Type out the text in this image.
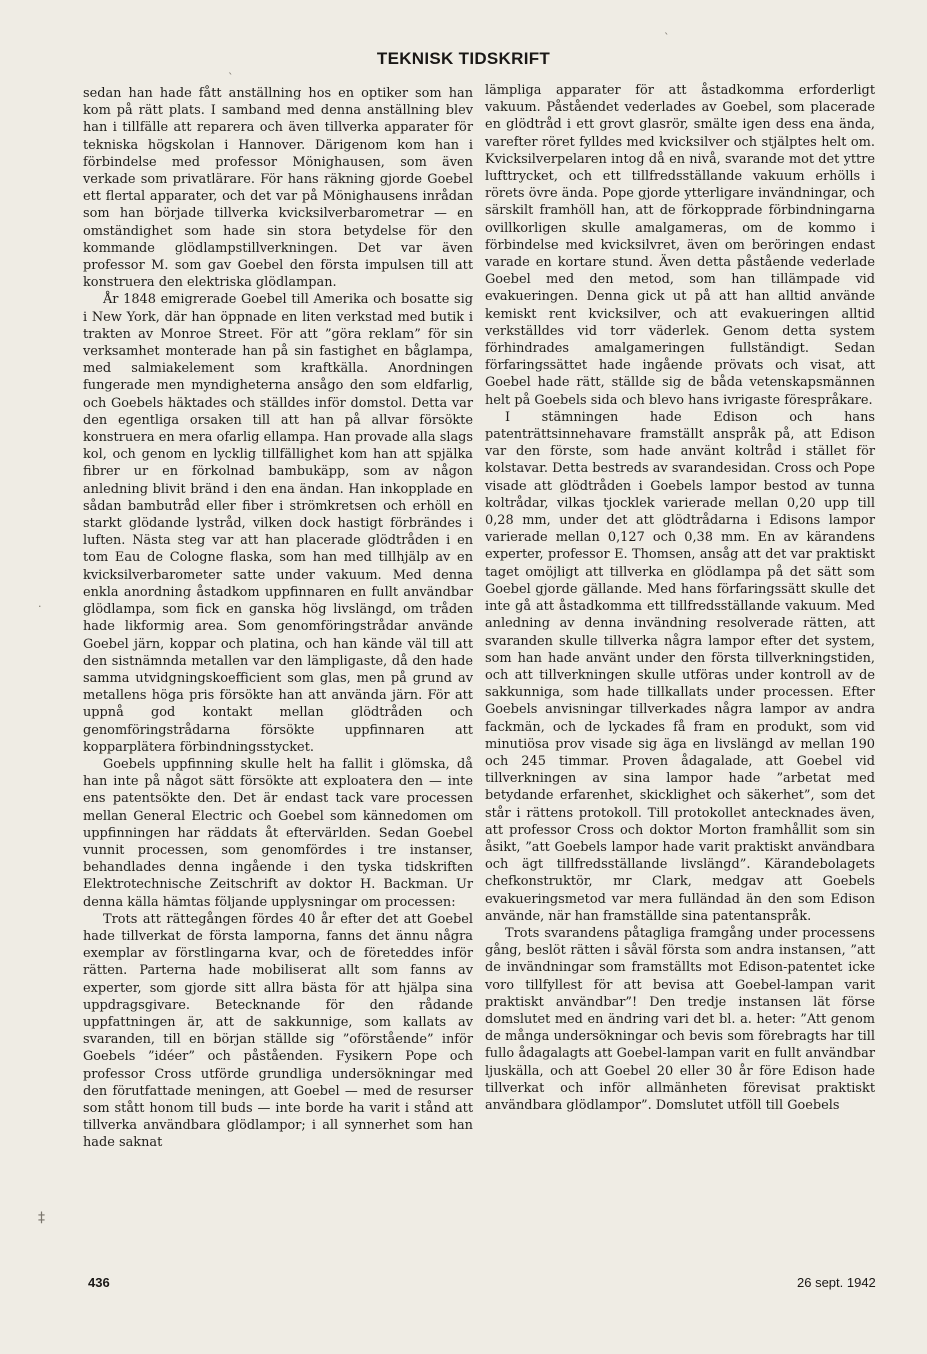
TEKNISK TIDSKRIFT
ˎ
ˎ
·
‡

sedan han hade fått anställning hos en optiker som han kom på rätt plats. I samband med denna anställning blev han i tillfälle att reparera och även tillverka apparater för tekniska högskolan i Hannover. Därigenom kom han i förbindelse med professor Mönighausen, som även verkade som privatlärare. För hans räkning gjorde Goebel ett flertal apparater, och det var på Mönighausens inrådan som han började tillverka kvicksilverbarometrar — en omständighet som hade sin stora betydelse för den kommande glödlampstillverkningen. Det var även professor M. som gav Goebel den första impulsen till att konstruera den elektriska glödlampan.

År 1848 emigrerade Goebel till Amerika och bosatte sig i New York, där han öppnade en liten verkstad med butik i trakten av Monroe Street. För att ”göra reklam” för sin verksamhet monterade han på sin fastighet en båglampa, med salmiakelement som kraftkälla. Anordningen fungerade men myndigheterna ansågo den som eldfarlig, och Goebels häktades och ställdes inför domstol. Detta var den egentliga orsaken till att han på allvar försökte konstruera en mera ofarlig ellampa. Han provade alla slags kol, och genom en lycklig tillfällighet kom han att spjälka fibrer ur en förkolnad bambukäpp, som av någon anledning blivit bränd i den ena ändan. Han inkopplade en sådan bambutråd eller fiber i strömkretsen och erhöll en starkt glödande lystråd, vilken dock hastigt förbrändes i luften. Nästa steg var att han placerade glödtråden i en tom Eau de Cologne flaska, som han med tillhjälp av en kvicksilverbarometer satte under vakuum. Med denna enkla anordning åstadkom uppfinnaren en fullt användbar glödlampa, som fick en ganska hög livslängd, om tråden hade likformig area. Som genomföringstrådar använde Goebel järn, koppar och platina, och han kände väl till att den sistnämnda metallen var den lämpligaste, då den hade samma utvidgningskoefficient som glas, men på grund av metallens höga pris försökte han att använda järn. För att uppnå god kontakt mellan glödtråden och genomföringstrådarna försökte uppfinnaren att kopparplätera förbindningsstycket.

Goebels uppfinning skulle helt ha fallit i glömska, då han inte på något sätt försökte att exploatera den — inte ens patentsökte den. Det är endast tack vare processen mellan General Electric och Goebel som kännedomen om uppfinningen har räddats åt eftervärlden. Sedan Goebel vunnit processen, som genomfördes i tre instanser, behandlades denna ingående i den tyska tidskriften Elektrotechnische Zeitschrift av doktor H. Backman. Ur denna källa hämtas följande upplysningar om processen:

Trots att rättegången fördes 40 år efter det att Goebel hade tillverkat de första lamporna, fanns det ännu några exemplar av förstlingarna kvar, och de företeddes inför rätten. Parterna hade mobiliserat allt som fanns av experter, som gjorde sitt allra bästa för att hjälpa sina uppdragsgivare. Betecknande för den rådande uppfattningen är, att de sakkunnige, som kallats av svaranden, till en början ställde sig ”oförstående” inför Goebels ”idéer” och påståenden. Fysikern Pope och professor Cross utförde grundliga undersökningar med den förutfattade meningen, att Goebel — med de resurser som stått honom till buds — inte borde ha varit i stånd att tillverka användbara glödlampor; i all synnerhet som han hade saknat

lämpliga apparater för att åstadkomma erforderligt vakuum. Påståendet vederlades av Goebel, som placerade en glödtråd i ett grovt glasrör, smälte igen dess ena ända, varefter röret fylldes med kvicksilver och stjälptes helt om. Kvicksilverpelaren intog då en nivå, svarande mot det yttre lufttrycket, och ett tillfredsställande vakuum erhölls i rörets övre ända. Pope gjorde ytterligare invändningar, och särskilt framhöll han, att de förkopprade förbindningarna ovillkorligen skulle amalgameras, om de kommo i förbindelse med kvicksilvret, även om beröringen endast varade en kortare stund. Även detta påstående vederlade Goebel med den metod, som han tillämpade vid evakueringen. Denna gick ut på att han alltid använde kemiskt rent kvicksilver, och att evakueringen alltid verkställdes vid torr väderlek. Genom detta system förhindrades amalgameringen fullständigt. Sedan förfaringssättet hade ingående prövats och visat, att Goebel hade rätt, ställde sig de båda vetenskapsmännen helt på Goebels sida och blevo hans ivrigaste förespråkare.

I stämningen hade Edison och hans patenträttsinnehavare framställt anspråk på, att Edison var den förste, som hade använt koltråd i stället för kolstavar. Detta bestreds av svarandesidan. Cross och Pope visade att glödtråden i Goebels lampor bestod av tunna koltrådar, vilkas tjocklek varierade mellan 0,20 upp till 0,28 mm, under det att glödtrådarna i Edisons lampor varierade mellan 0,127 och 0,38 mm. En av kärandens experter, professor E. Thomsen, ansåg att det var praktiskt taget omöjligt att tillverka en glödlampa på det sätt som Goebel gjorde gällande. Med hans förfaringssätt skulle det inte gå att åstadkomma ett tillfredsställande vakuum. Med anledning av denna invändning resolverade rätten, att svaranden skulle tillverka några lampor efter det system, som han hade använt under den första tillverkningstiden, och att tillverkningen skulle utföras under kontroll av de sakkunniga, som hade tillkallats under processen. Efter Goebels anvisningar tillverkades några lampor av andra fackmän, och de lyckades få fram en produkt, som vid minutiösa prov visade sig äga en livslängd av mellan 190 och 245 timmar. Proven ådagalade, att Goebel vid tillverkningen av sina lampor hade ”arbetat med betydande erfarenhet, skicklighet och säkerhet”, som det står i rättens protokoll. Till protokollet antecknades även, att professor Cross och doktor Morton framhållit som sin åsikt, ”att Goebels lampor hade varit praktiskt användbara och ägt tillfredsställande livslängd”. Kärandebolagets chefkonstruktör, mr Clark, medgav att Goebels evakueringsmetod var mera fulländad än den som Edison använde, när han framställde sina patentanspråk.

Trots svarandens påtagliga framgång under processens gång, beslöt rätten i såväl första som andra instansen, ”att de invändningar som framställts mot Edison-patentet icke voro tillfyllest för att bevisa att Goebel-lampan varit praktiskt användbar”! Den tredje instansen lät förse domslutet med en ändring vari det bl. a. heter: ”Att genom de många undersökningar och bevis som förebragts har till fullo ådagalagts att Goebel-lampan varit en fullt användbar ljuskälla, och att Goebel 20 eller 30 år före Edison hade tillverkat och inför allmänheten förevisat praktiskt användbara glödlampor”. Domslutet utföll till Goebels

436	26 sept. 1942
